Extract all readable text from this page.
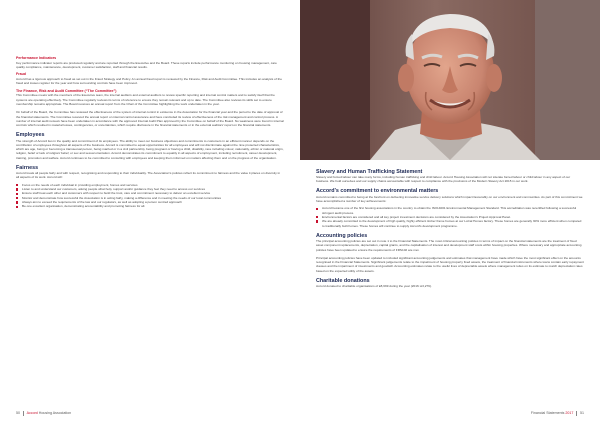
Performance Indicators

Key performance indicator reports are produced regularly and are reported through the Executive and the Board. These reports include performance monitoring on housing management, care quality compliance, maintenance, development, customer satisfaction, staff and financial results.

Fraud

Accord has a rigorous approach to fraud as set out in the Fraud Strategy and Policy. An annual fraud report is reviewed by the Finance, Risk and Audit Committee. This includes an analysis of the fraud and losses register for the year and how surrounding controls have been improved.

The Finance, Risk and Audit Committee (“The Committee”)

This Committee meets with the members of the Executive team, the internal auditors and external auditors to review specific reporting and internal control matters and to satisfy itself that the systems are operating effectively. The Committee regularly reviews its terms of reference to ensure they remain relevant and up to date. The Committee also reviews its skills set to ensure membership remains appropriate. The Board receives an annual report from the Chair of the Committee highlighting the work undertaken in the year.

On behalf of the Board, the Committee has reviewed the effectiveness of the system of internal control in existence in the Association for the financial year and the period to the date of approval of the financial statements. The Committee received the annual report on internal control assurance and have concluded its review of effectiveness of the risk management and control process. A number of internal audit reviews have been undertaken in accordance with the approved Internal Audit Plan approved by the Committee on behalf of the Board. No weakness were found in internal controls which resulted in material losses, contingencies, or uncertainties, which require disclosure in the financial statements or in the external auditors' report on the financial statements.

Employees

The strength of Accord lies in the quality and commitment of its employees. The ability to meet our business objectives and commitments to customers in an efficient manner depends on the contribution of employees throughout all aspects of the business. Accord is committed to equal opportunities for all employees and will not discriminate against the nine protected characteristics, which are age, being or becoming a transsexual person, being married or in a civil partnership, being pregnant or having a child, disability, race including colour, nationality, ethnic or national origin, religion, belief or lack of religion/ belief, or sex and sexual orientation. Accord demonstrates its commitment to equality in all aspects of employment, including recruitment, career development, training, promotion and welfare. Accord continues to be committed to consulting with employees and keeping them informed on matters affecting them and on the progress of the organisation.

Fairness

Accord treats all people fairly and with respect, recognising and responding to their individuality. The Association's policies reflect its commitment to fairness and the value it places on diversity in all aspects of its work. Accord will:

Focus on the needs of each individual in providing employment, homes and services
Listen to and understand our customers, asking people what help, support and/or guidance they feel they need to access our services
Ensure staff treat each other and customers with respect to build the trust, care and commitment necessary to deliver an excellent service
Monitor and demonstrate how successful the Association is in acting fairly, making a difference and in meeting the needs of our local communities
Always aim to exceed the requirements of the law and our regulators, as well as adopting a person centred approach
Be one excellent organisation, demonstrating accountability and promoting fairness for all.
50 Accord
Housing Association
Slavery and Human Trafficking Statement

Slavery and forced labour can take many forms, including human trafficking and child labour. Accord Housing Association will not tolerate forced labour or child labour in any aspect of our business. We hold ourselves and our supply chains accountable with respect to compliance with the provisions of the Modern Slavery Act 2015 in our work.

Accord's commitment to environmental matters

Accord remains committed to being at the forefront on delivering innovative service delivery solutions which impact favourably on our environment and communities. As part of this commitment we have accomplished a number of key achievements:

Accord became one of the first housing associations in the country to obtain the ISO14001 Environmental Management Standard. This accreditation was recertified following a successful stringent audit process.
Environmental factors are considered and all key project investment decisions are considered by the Association's Project Approval Panel.
We are already committed to the development of high quality, highly efficient timber frame homes at our LoCal Homes factory. These homes are generally 30% more efficient when compared to traditionally built homes. These homes will continue to supply Accord's development programme.
Accounting policies

The principal accounting policies are set out in note 1 to the Financial Statements. The most critical accounting policies in terms of impact on the financial statements are the treatment of fixed asset component replacements, depreciation, capital grants, and the capitalisation of interest and development staff costs within housing properties. Where necessary and appropriate accounting policies have been updated to ensure the requirements of FRS102 are met.

Principal accounting policies have been updated to included significant accounting judgements and estimates that management have made which have the most significant effect on the amounts recognised in the Financial Statements. Significant judgements relate to the impairment of housing property fixed assets, the treatment of financial instruments where loans contain early repayment clauses and the impairment of investments and goodwill. Accounting estimates relate to the useful lives of depreciable assets where management relies on its estimate to match depreciation rates based on the expected utility of the assets.

Charitable donations

Accord donated to charitable organisations of £8,699 during the year (2016: £3,279).

Financial Statements
2017 51
